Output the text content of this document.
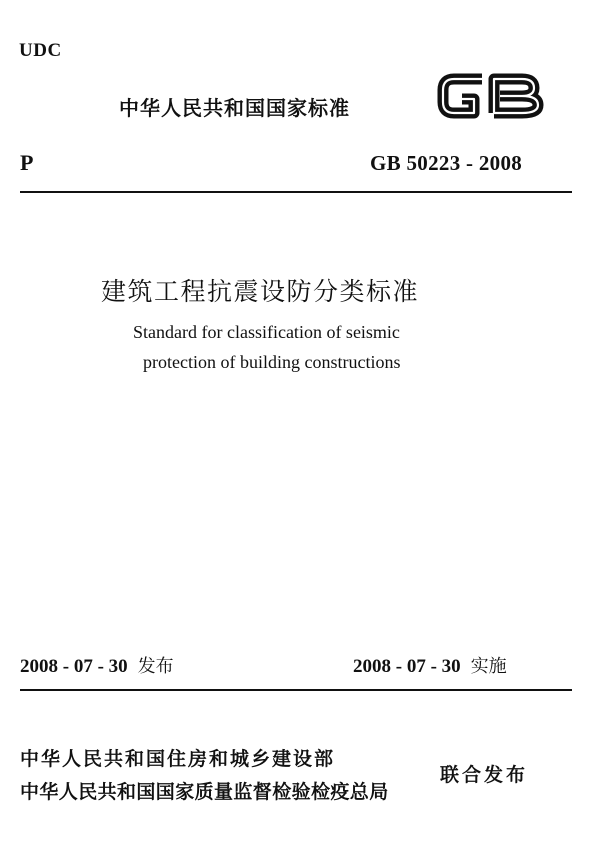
UDC
中华人民共和国国家标准
P	GB 50223 - 2008
建筑工程抗震设防分类标准
Standard for classification of seismic
protection of building constructions
2008 - 07 - 30 发布	2008 - 07 - 30 实施
中华人民共和国住房和城乡建设部
中华人民共和国国家质量监督检验检疫总局
联合发布
